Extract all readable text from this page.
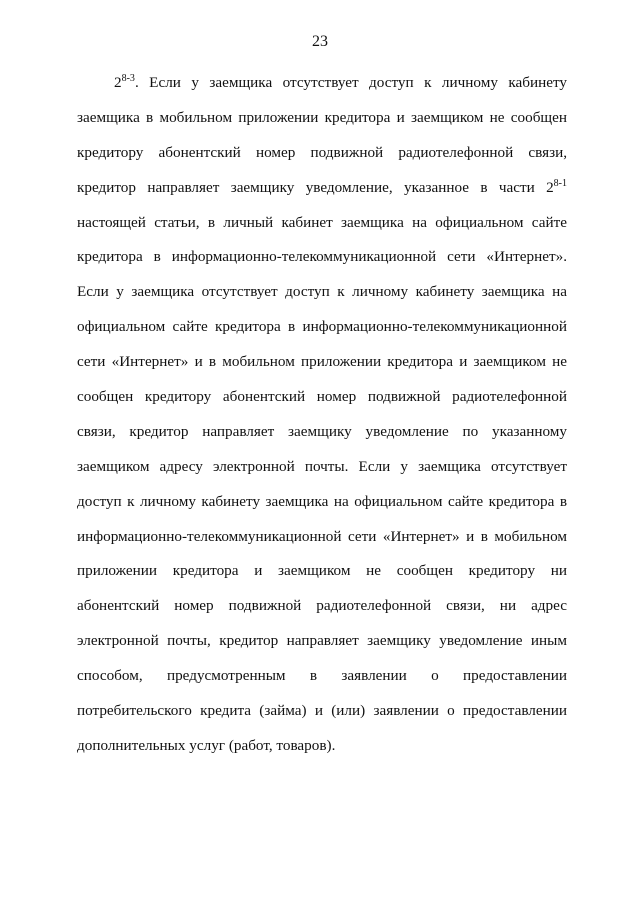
23
2$^{8-3}$. Если у заемщика отсутствует доступ к личному кабинету
заемщика в мобильном приложении кредитора и заемщиком не сообщен
кредитору абонентский номер подвижной радиотелефонной связи,
кредитор направляет заемщику уведомление, указанное в части 2$^{8-1}$
настоящей статьи, в личный кабинет заемщика на официальном сайте
кредитора в информационно-телекоммуникационной сети «Интернет».
Если у заемщика отсутствует доступ к личному кабинету заемщика на
официальном сайте кредитора в информационно-телекоммуникационной
сети «Интернет» и в мобильном приложении кредитора и заемщиком не
сообщен кредитору абонентский номер подвижной радиотелефонной
связи, кредитор направляет заемщику уведомление по указанному
заемщиком адресу электронной почты. Если у заемщика отсутствует
доступ к личному кабинету заемщика на официальном сайте кредитора в
информационно-телекоммуникационной сети «Интернет» и в мобильном
приложении кредитора и заемщиком не сообщен кредитору ни
абонентский номер подвижной радиотелефонной связи, ни адрес
электронной почты, кредитор направляет заемщику уведомление иным
способом, предусмотренным в заявлении о предоставлении
потребительского кредита (займа) и (или) заявлении о предоставлении
дополнительных услуг (работ, товаров).
